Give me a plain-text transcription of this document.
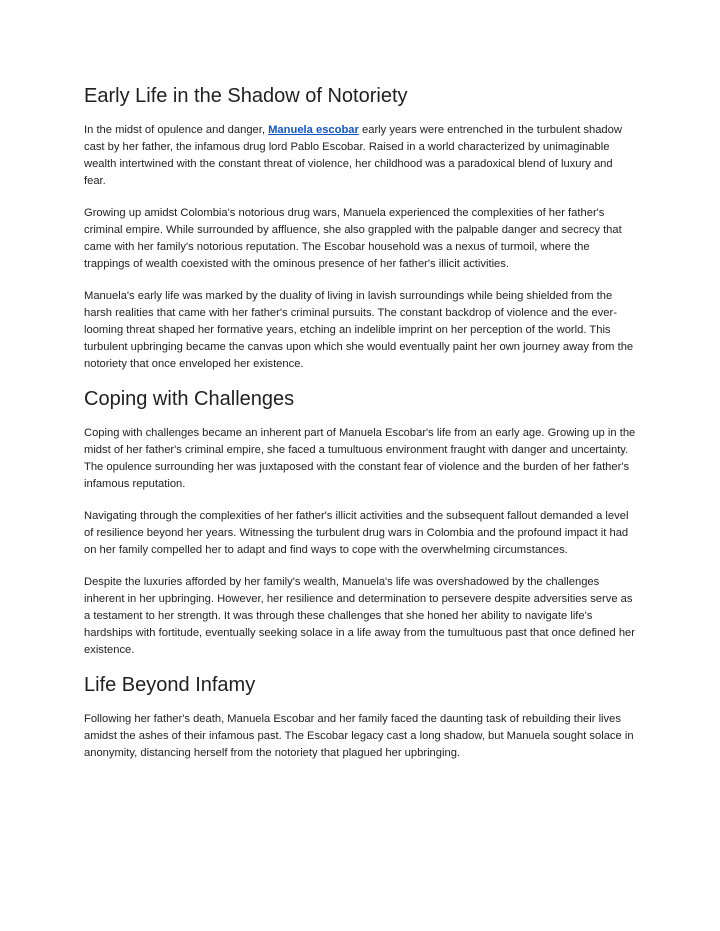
Early Life in the Shadow of Notoriety

In the midst of opulence and danger, Manuela escobar early years were entrenched in the turbulent shadow cast by her father, the infamous drug lord Pablo Escobar. Raised in a world characterized by unimaginable wealth intertwined with the constant threat of violence, her childhood was a paradoxical blend of luxury and fear.

Growing up amidst Colombia's notorious drug wars, Manuela experienced the complexities of her father's criminal empire. While surrounded by affluence, she also grappled with the palpable danger and secrecy that came with her family's notorious reputation. The Escobar household was a nexus of turmoil, where the trappings of wealth coexisted with the ominous presence of her father's illicit activities.

Manuela's early life was marked by the duality of living in lavish surroundings while being shielded from the harsh realities that came with her father's criminal pursuits. The constant backdrop of violence and the ever-looming threat shaped her formative years, etching an indelible imprint on her perception of the world. This turbulent upbringing became the canvas upon which she would eventually paint her own journey away from the notoriety that once enveloped her existence.

Coping with Challenges

Coping with challenges became an inherent part of Manuela Escobar's life from an early age. Growing up in the midst of her father's criminal empire, she faced a tumultuous environment fraught with danger and uncertainty. The opulence surrounding her was juxtaposed with the constant fear of violence and the burden of her father's infamous reputation.

Navigating through the complexities of her father's illicit activities and the subsequent fallout demanded a level of resilience beyond her years. Witnessing the turbulent drug wars in Colombia and the profound impact it had on her family compelled her to adapt and find ways to cope with the overwhelming circumstances.

Despite the luxuries afforded by her family's wealth, Manuela's life was overshadowed by the challenges inherent in her upbringing. However, her resilience and determination to persevere despite adversities serve as a testament to her strength. It was through these challenges that she honed her ability to navigate life's hardships with fortitude, eventually seeking solace in a life away from the tumultuous past that once defined her existence.

Life Beyond Infamy

Following her father's death, Manuela Escobar and her family faced the daunting task of rebuilding their lives amidst the ashes of their infamous past. The Escobar legacy cast a long shadow, but Manuela sought solace in anonymity, distancing herself from the notoriety that plagued her upbringing.
